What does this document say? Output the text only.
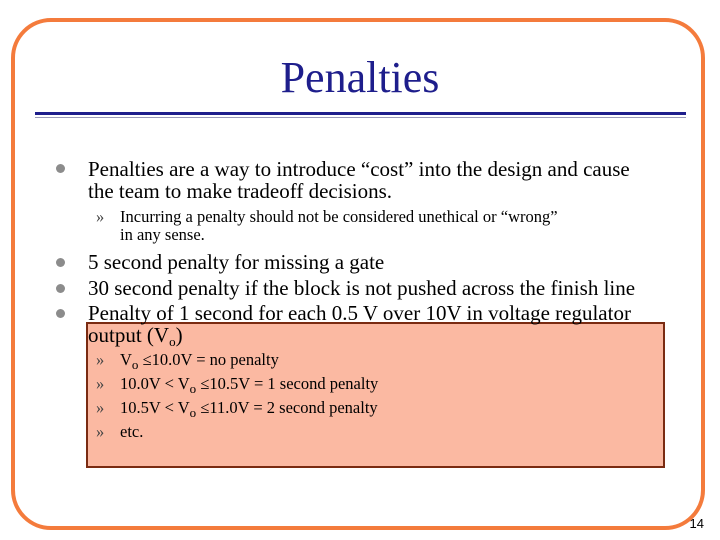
Penalties
Penalties are a way to introduce “cost” into the design and cause
the team to make tradeoff decisions.
» Incurring a penalty should not be considered unethical or “wrong”
in any sense.
5 second penalty for missing a gate
30 second penalty if the block is not pushed across the finish line
Penalty of 1 second for each 0.5 V over 10V in voltage regulator
output $(V_o)$
» $V_o \le 10.0V$ = no penalty
» $10.0V < V_o \le 10.5V = 1$ second penalty
» $10.5V < V_o \le 11.0V = 2$ second penalty
» etc.
14
